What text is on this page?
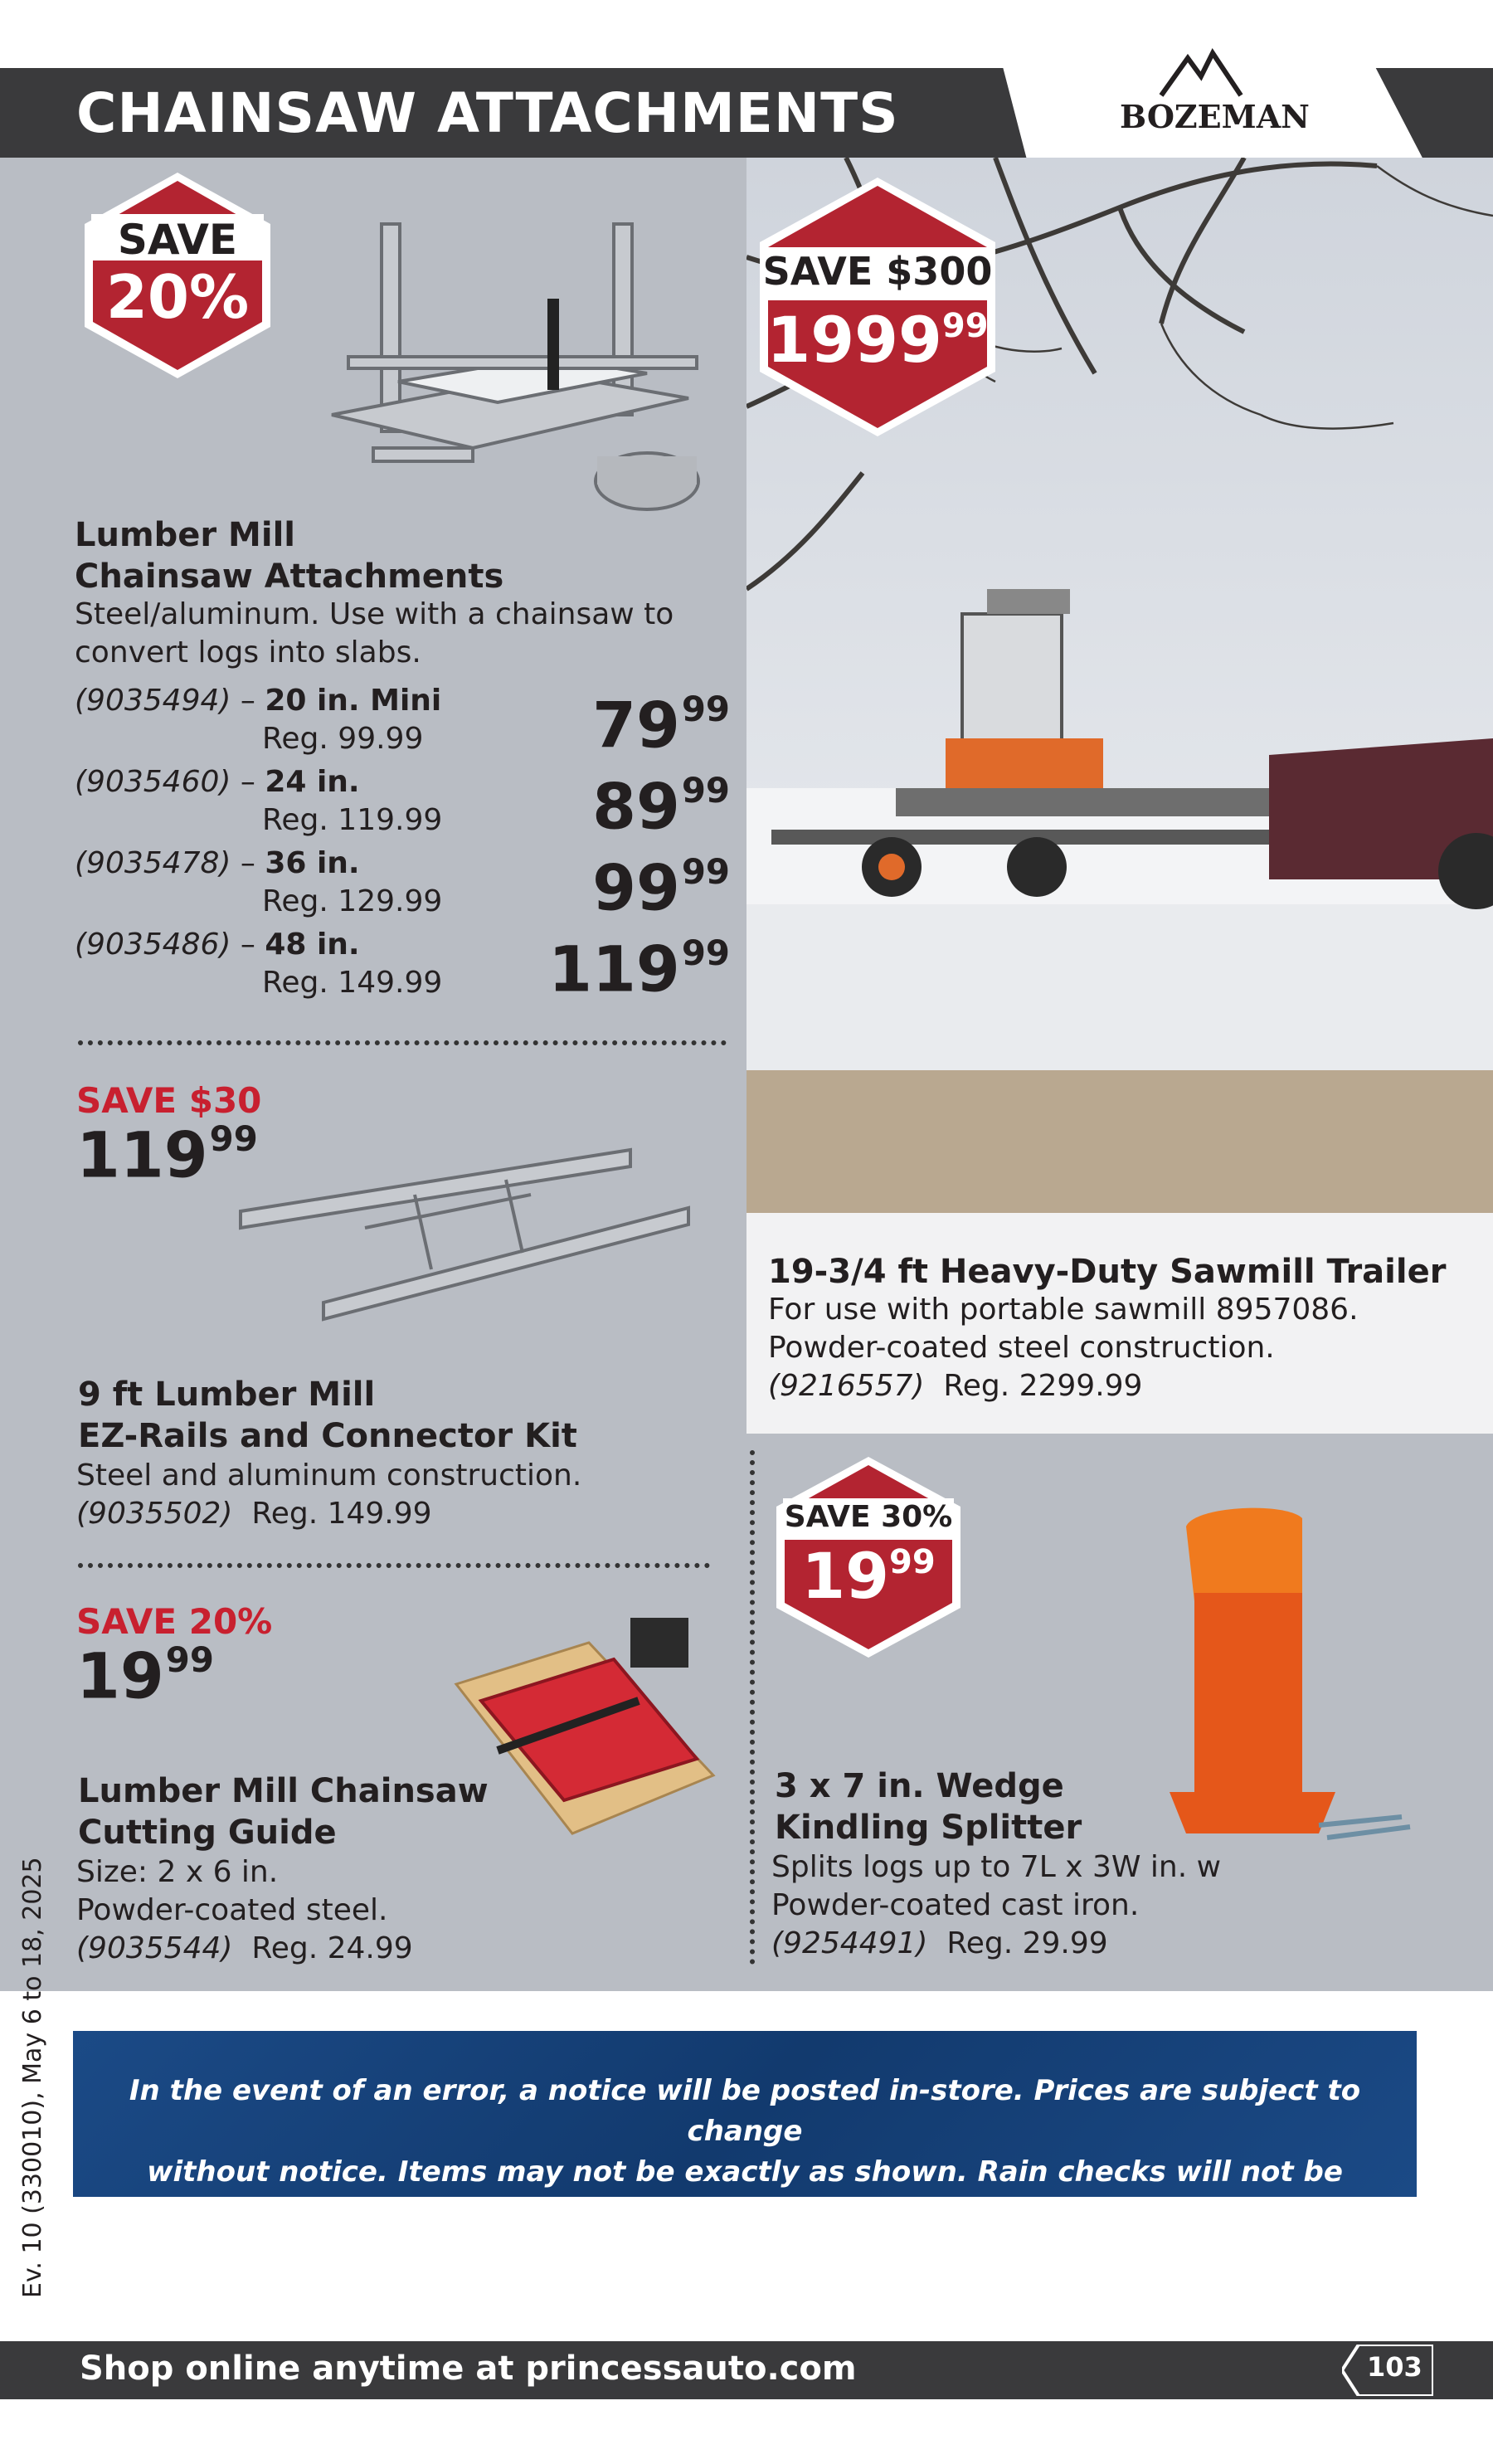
CHAINSAW ATTACHMENTS	BOZEMAN
SAVE $300
1999$^{99}$
19-3/4 ft Heavy-Duty Sawmill Trailer
For use with portable sawmill 8957086.
Powder-coated steel construction.
(9216557) Reg. 2299.99
SAVE
20%
Lumber Mill
Chainsaw Attachments
Steel/aluminum. Use with a chainsaw to
convert logs into slabs.
(9035494) – 20 in. Mini
Reg. 99.99	$79^{99}$
(9035460) – 24 in.
Reg. 119.99 $89^{99}$
(9035478) – 36 in.
Reg. 129.99 $99^{99}$
(9035486) – 48 in.
Reg. 149.99 $119^{99}$
SAVE $30
$119^{99}$
9 ft Lumber Mill
EZ-Rails and Connector Kit
Steel and aluminum construction.
(9035502) Reg. 149.99
SAVE 20%
$19^{99}$
Lumber Mill Chainsaw
Cutting Guide
Size: 2 x 6 in.
Powder-coated steel.
(9035544) Reg. 24.99
SAVE 30%
$19^{99}$
3 x 7 in. Wedge
Kindling Splitter
Splits logs up to 7L x 3W in. w
Powder-coated cast iron.
(9254491) Reg. 29.99
In the event of an error, a notice will be posted in-store. Prices are subject to change
without notice. Items may not be exactly as shown. Rain checks will not be available
for special purchases and limited quantity items. Chemicals cannot be shipped.
Items may be subject to environmental or disposal fees. Fees may vary by province.
Ev. 10 (330010), May 6 to 18, 2025
Shop online anytime at princessauto.com	103
